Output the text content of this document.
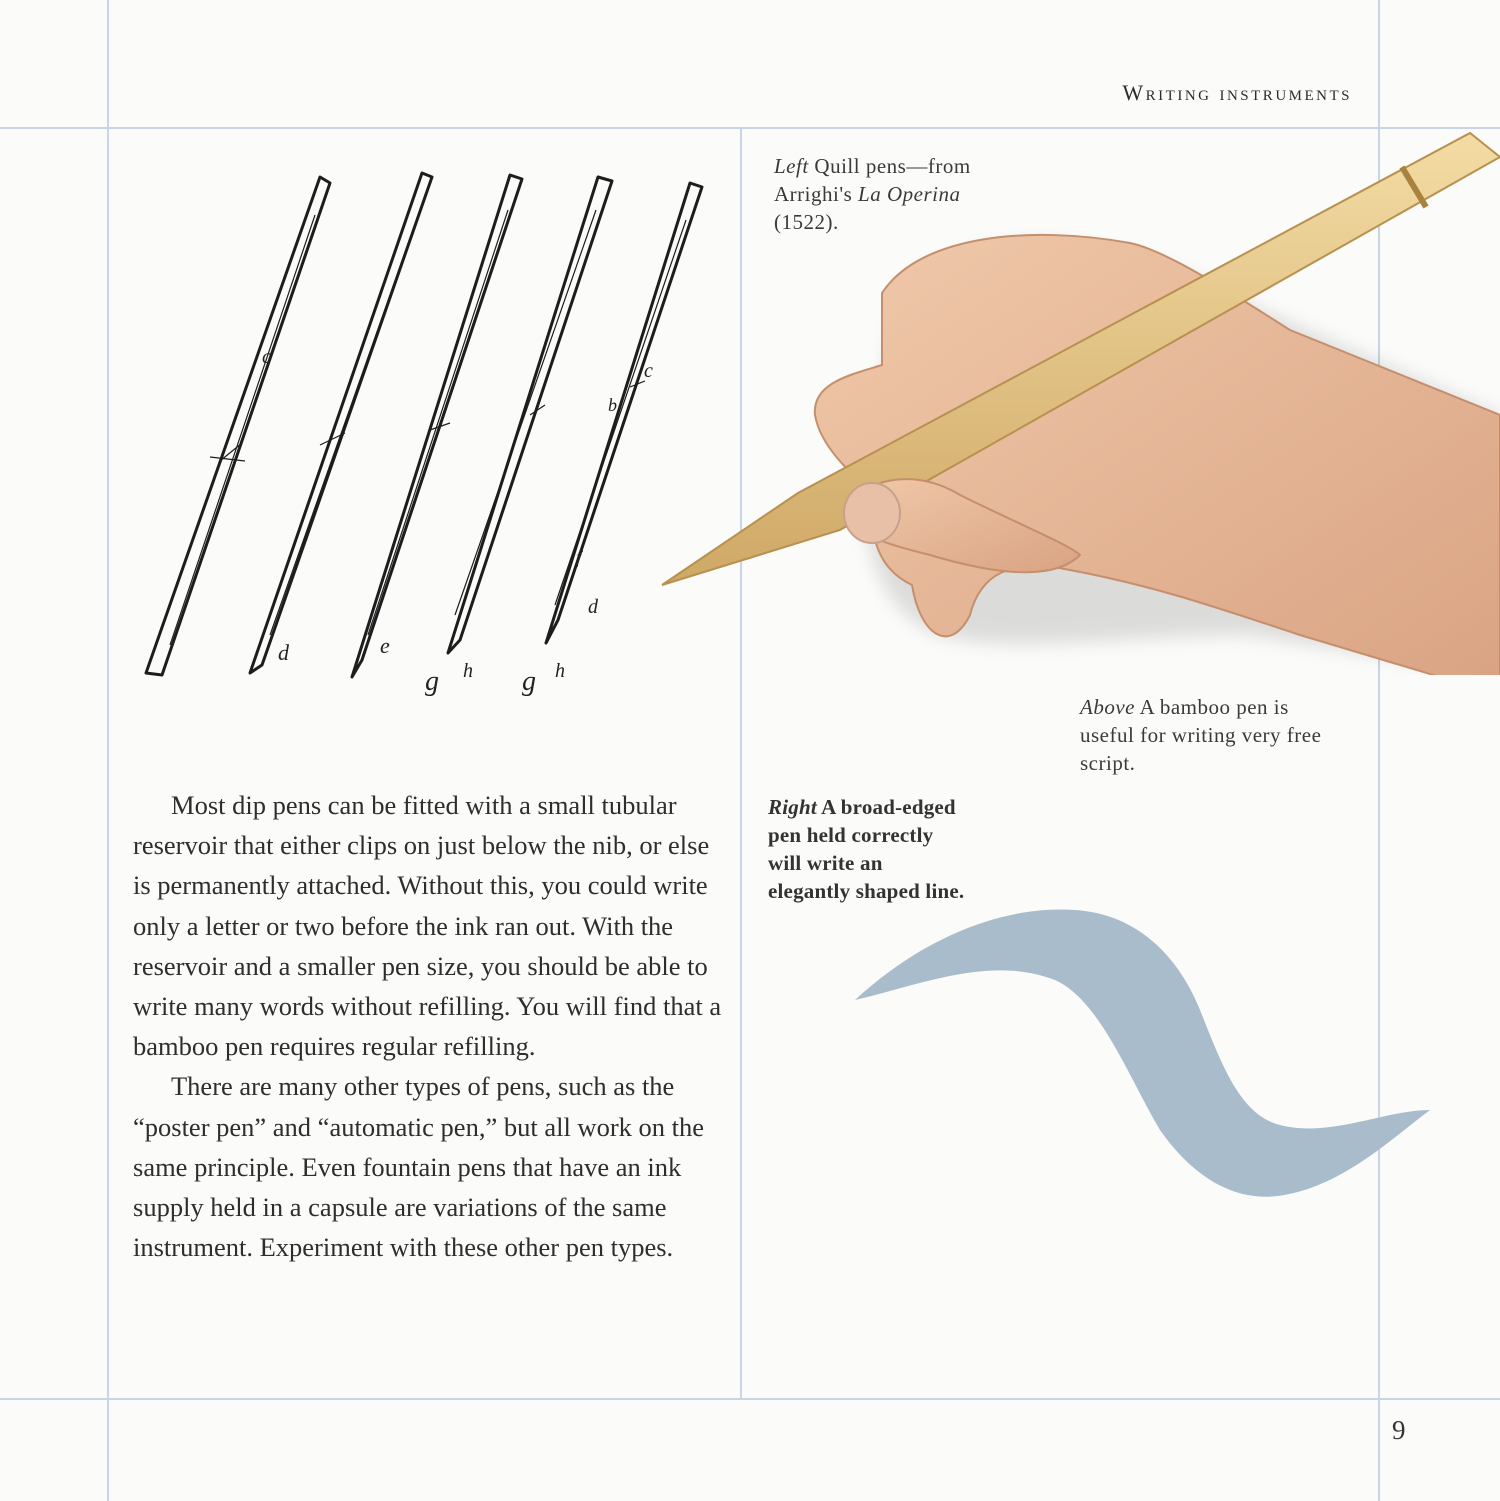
Writing instruments
c
d	e
g h g h
c
b
f
d
Left Quill pens—from Arrighi's La Operina (1522).
Above A bamboo pen is useful for writing very free script.
Right A broad-edged pen held correctly will write an elegantly shaped line.

Most dip pens can be fitted with a small tubular reservoir that either clips on just below the nib, or else is permanently attached. Without this, you could write only a letter or two before the ink ran out. With the reservoir and a smaller pen size, you should be able to write many words without refilling. You will find that a bamboo pen requires regular refilling.

There are many other types of pens, such as the “poster pen” and “automatic pen,” but all work on the same principle. Even fountain pens that have an ink supply held in a capsule are variations of the same instrument. Experiment with these other pen types.

9
